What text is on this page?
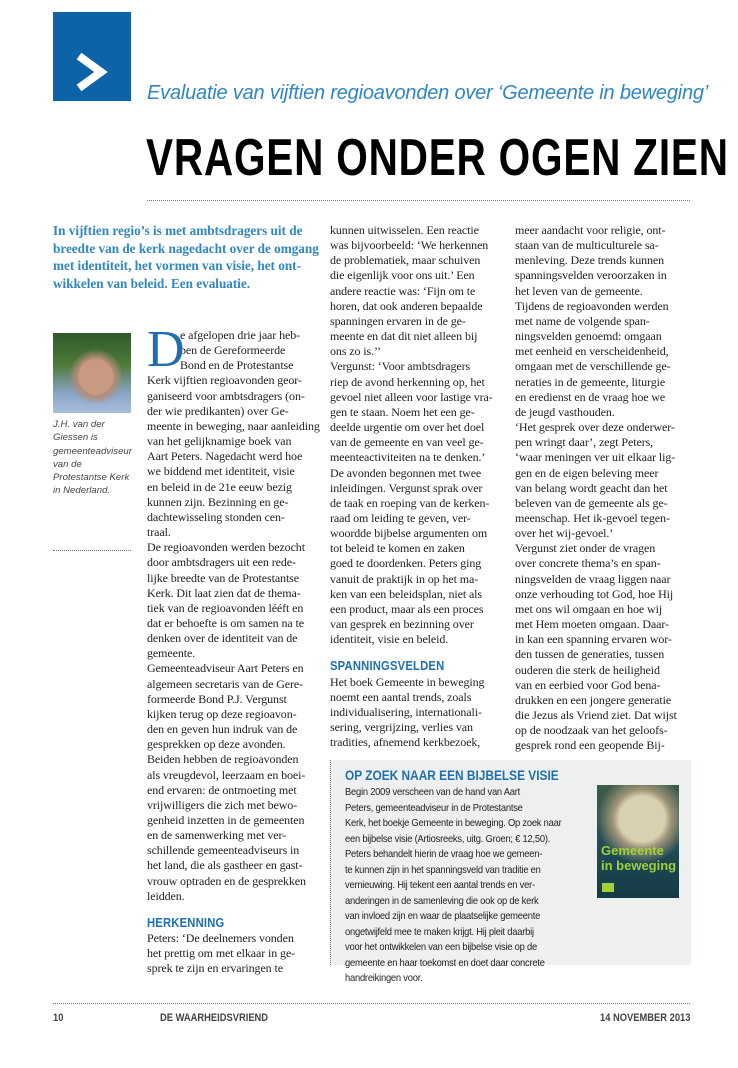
Evaluatie van vijftien regioavonden over ‘Gemeente in beweging’
VRAGEN ONDER OGEN ZIEN
In vijftien regio’s is met ambtsdragers uit de
breedte van de kerk nagedacht over de omgang
met identiteit, het vormen van visie, het ont-
wikkelen van beleid. Een evaluatie.
J.H. van der
Giessen is
gemeenteadviseur
van de
Protestantse Kerk
in Nederland.
D
e afgelopen drie jaar heb-
ben de Gereformeerde
Bond en de Protestantse
Kerk vijftien regioavonden geor-
ganiseerd voor ambtsdragers (on-
der wie predikanten) over Ge-
meente in beweging, naar aanleiding
van het gelijknamige boek van
Aart Peters. Nagedacht werd hoe
we biddend met identiteit, visie
en beleid in de 21e eeuw bezig
kunnen zijn. Bezinning en ge-
dachtewisseling stonden cen-
traal.
De regioavonden werden bezocht
door ambtsdragers uit een rede-
lijke breedte van de Protestantse
Kerk. Dit laat zien dat de thema-
tiek van de regioavonden lééft en
dat er behoefte is om samen na te
denken over de identiteit van de
gemeente.
Gemeenteadviseur Aart Peters en
algemeen secretaris van de Gere-
formeerde Bond P.J. Vergunst
kijken terug op deze regioavon-
den en geven hun indruk van de
gesprekken op deze avonden.
Beiden hebben de regioavonden
als vreugdevol, leerzaam en boei-
end ervaren: de ontmoeting met
vrijwilligers die zich met bewo-
genheid inzetten in de gemeenten
en de samenwerking met ver-
schillende gemeenteadviseurs in
het land, die als gastheer en gast-
vrouw optraden en de gesprekken
leidden.
HERKENNING
Peters: ‘De deelnemers vonden
het prettig om met elkaar in ge-
sprek te zijn en ervaringen te
kunnen uitwisselen. Een reactie
was bijvoorbeeld: ‘We herkennen
de problematiek, maar schuiven
die eigenlijk voor ons uit.’ Een
andere reactie was: ‘Fijn om te
horen, dat ook anderen bepaalde
spanningen ervaren in de ge-
meente en dat dit niet alleen bij
ons zo is.’’
Vergunst: ‘Voor ambtsdragers
riep de avond herkenning op, het
gevoel niet alleen voor lastige vra-
gen te staan. Noem het een ge-
deelde urgentie om over het doel
van de gemeente en van veel ge-
meenteactiviteiten na te denken.’
De avonden begonnen met twee
inleidingen. Vergunst sprak over
de taak en roeping van de kerken-
raad om leiding te geven, ver-
woordde bijbelse argumenten om
tot beleid te komen en zaken
goed te doordenken. Peters ging
vanuit de praktijk in op het ma-
ken van een beleidsplan, niet als
een product, maar als een proces
van gesprek en bezinning over
identiteit, visie en beleid.
SPANNINGSVELDEN
Het boek Gemeente in beweging
noemt een aantal trends, zoals
individualisering, internationali-
sering, vergrijzing, verlies van
tradities, afnemend kerkbezoek,
meer aandacht voor religie, ont-
staan van de multiculturele sa-
menleving. Deze trends kunnen
spanningsvelden veroorzaken in
het leven van de gemeente.
Tijdens de regioavonden werden
met name de volgende span-
ningsvelden genoemd: omgaan
met eenheid en verscheidenheid,
omgaan met de verschillende ge-
neraties in de gemeente, liturgie
en eredienst en de vraag hoe we
de jeugd vasthouden.
‘Het gesprek over deze onderwer-
pen wringt daar’, zegt Peters,
‘waar meningen ver uit elkaar lig-
gen en de eigen beleving meer
van belang wordt geacht dan het
beleven van de gemeente als ge-
meenschap. Het ik-gevoel tegen-
over het wij-gevoel.’
Vergunst ziet onder de vragen
over concrete thema’s en span-
ningsvelden de vraag liggen naar
onze verhouding tot God, hoe Hij
met ons wil omgaan en hoe wij
met Hem moeten omgaan. Daar-
in kan een spanning ervaren wor-
den tussen de generaties, tussen
ouderen die sterk de heiligheid
van en eerbied voor God bena-
drukken en een jongere generatie
die Jezus als Vriend ziet. Dat wijst
op de noodzaak van het geloofs-
gesprek rond een geopende Bij-
OP ZOEK NAAR EEN BIJBELSE VISIE
Begin 2009 verscheen van de hand van Aart
Peters, gemeenteadviseur in de Protestantse
Kerk, het boekje Gemeente in beweging. Op zoek naar
een bijbelse visie (Artiosreeks, uitg. Groen; € 12,50).
Peters behandelt hierin de vraag hoe we gemeen-
te kunnen zijn in het spanningsveld van traditie en
vernieuwing. Hij tekent een aantal trends en ver-
anderingen in de samenleving die ook op de kerk
van invloed zijn en waar de plaatselijke gemeente
ongetwijfeld mee te maken krijgt. Hij pleit daarbij
voor het ontwikkelen van een bijbelse visie op de
gemeente en haar toekomst en doet daar concrete
handreikingen voor.
Gemeente
in beweging
10	DE WAARHEIDSVRIEND	14 NOVEMBER 2013
